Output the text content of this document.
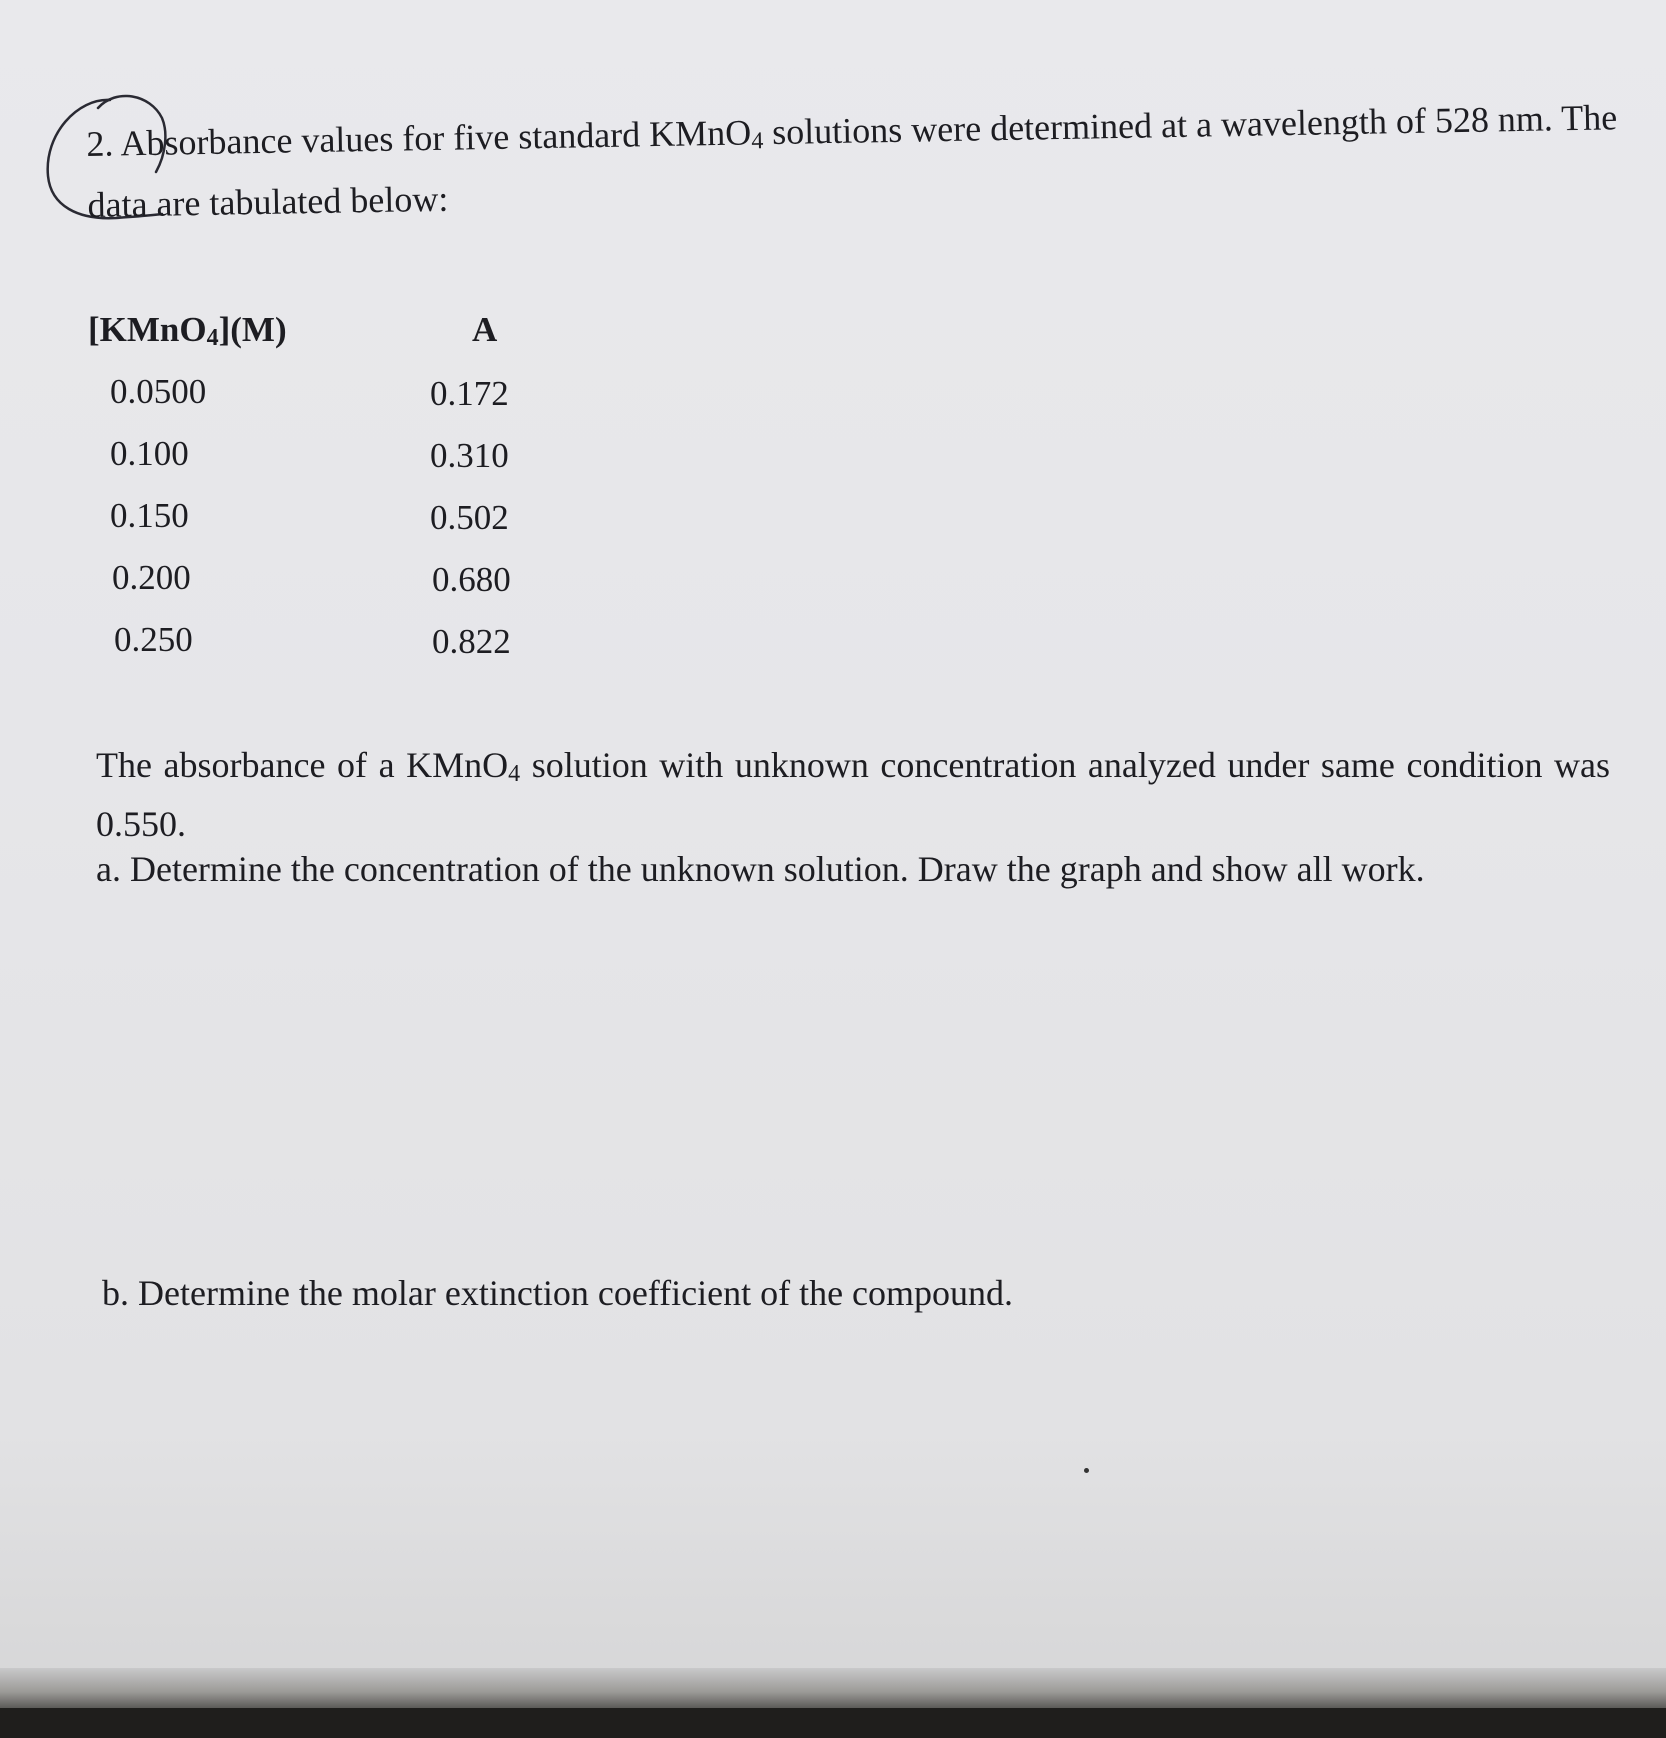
2. Absorbance values for five standard KMnO4 solutions were determined at a wavelength of 528 nm. The data are tabulated below:
[KMnO4](M)	A
0.0500	0.172
0.100	0.310
0.150	0.502
0.200	0.680
0.250	0.822
The absorbance of a KMnO4 solution with unknown concentration analyzed under same condition was 0.550.
a. Determine the concentration of the unknown solution. Draw the graph and show all work.
b. Determine the molar extinction coefficient of the compound.
